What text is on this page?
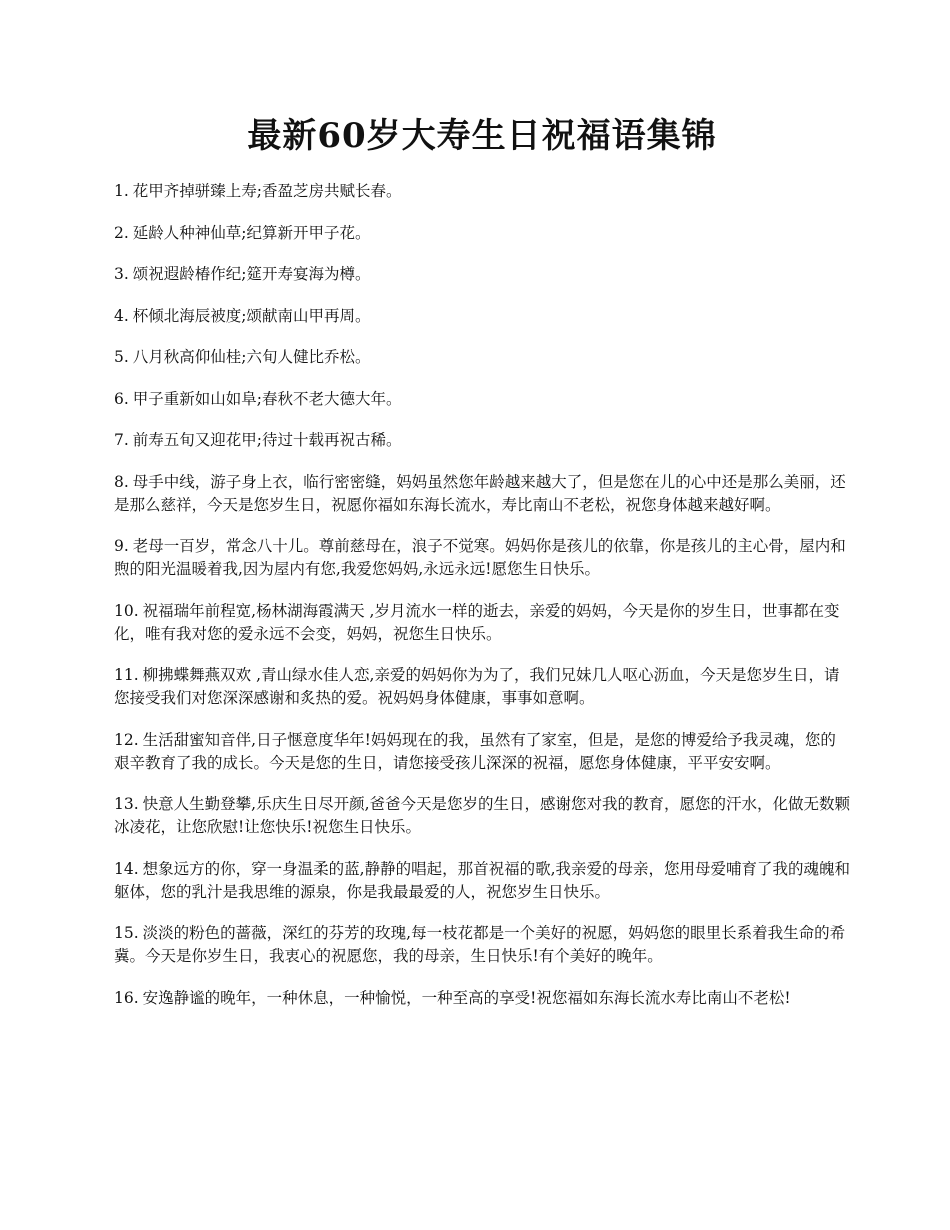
最新60岁大寿生日祝福语集锦
1. 花甲齐掉骈臻上寿;香盈芝房共赋长春。
2. 延龄人种神仙草;纪算新开甲子花。
3. 颂祝遐龄椿作纪;筵开寿宴海为樽。
4. 杯倾北海辰被度;颂献南山甲再周。
5. 八月秋高仰仙桂;六旬人健比乔松。
6. 甲子重新如山如阜;春秋不老大德大年。
7. 前寿五旬又迎花甲;待过十载再祝古稀。
8. 母手中线，游子身上衣，临行密密缝，妈妈虽然您年龄越来越大了，但是您在儿的心中还是那么美丽，还是那么慈祥，今天是您岁生日，祝愿你福如东海长流水，寿比南山不老松，祝您身体越来越好啊。
9. 老母一百岁，常念八十儿。尊前慈母在，浪子不觉寒。妈妈你是孩儿的依靠，你是孩儿的主心骨，屋内和煦的阳光温暖着我,因为屋内有您,我爱您妈妈,永远永远!愿您生日快乐。
10. 祝福瑞年前程宽,杨林湖海霞满天 ,岁月流水一样的逝去，亲爱的妈妈，今天是你的岁生日，世事都在变化，唯有我对您的爱永远不会变，妈妈，祝您生日快乐。
11. 柳拂蝶舞燕双欢 ,青山绿水佳人恋,亲爱的妈妈你为为了，我们兄妹几人呕心沥血，今天是您岁生日，请您接受我们对您深深感谢和炙热的爱。祝妈妈身体健康，事事如意啊。
12. 生活甜蜜知音伴,日子惬意度华年!妈妈现在的我，虽然有了家室，但是，是您的博爱给予我灵魂，您的艰辛教育了我的成长。今天是您的生日，请您接受孩儿深深的祝福，愿您身体健康，平平安安啊。
13. 快意人生勤登攀,乐庆生日尽开颜,爸爸今天是您岁的生日，感谢您对我的教育，愿您的汗水，化做无数颗冰凌花，让您欣慰!让您快乐!祝您生日快乐。
14. 想象远方的你，穿一身温柔的蓝,静静的唱起，那首祝福的歌,我亲爱的母亲，您用母爱哺育了我的魂魄和躯体，您的乳汁是我思维的源泉，你是我最最爱的人，祝您岁生日快乐。
15. 淡淡的粉色的蔷薇，深红的芬芳的玫瑰,每一枝花都是一个美好的祝愿，妈妈您的眼里长系着我生命的希冀。今天是你岁生日，我衷心的祝愿您，我的母亲，生日快乐!有个美好的晚年。
16. 安逸静谧的晚年，一种休息，一种愉悦，一种至高的享受!祝您福如东海长流水寿比南山不老松!
